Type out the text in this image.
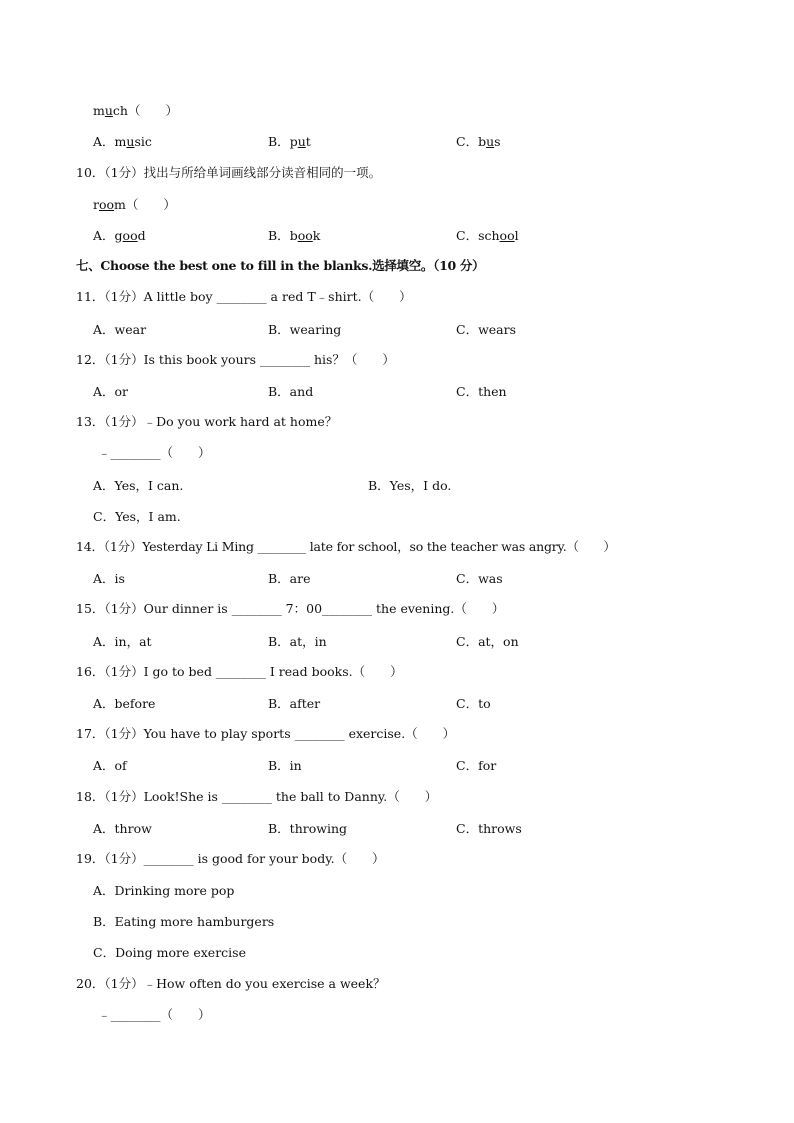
much（　　）
A．music	B．put	C．bus
10．（1分）找出与所给单词画线部分读音相同的一项。
room（　　）
A．good	B．book	C．school
七、Choose the best one to fill in the blanks.选择填空。（10 分）
11．（1分）A little boy ________ a red T﹣shirt.（　　）
A．wear	B．wearing	C．wears
12．（1分）Is this book yours ________ his？（　　）
A．or	B．and	C．then
13．（1分）﹣Do you work hard at home？
﹣________（　　）
A．Yes，I can.	B．Yes，I do.
C．Yes，I am.
14．（1分）Yesterday Li Ming ________ late for school，so the teacher was angry.（　　）
A．is	B．are	C．was
15．（1分）Our dinner is ________ 7：00________ the evening.（　　）
A．in，at	B．at，in	C．at，on
16．（1分）I go to bed ________ I read books.（　　）
A．before	B．after	C．to
17．（1分）You have to play sports ________ exercise.（　　）
A．of	B．in	C．for
18．（1分）Look!She is ________ the ball to Danny.（　　）
A．throw	B．throwing	C．throws
19．（1分）________ is good for your body.（　　）
A．Drinking more pop
B．Eating more hamburgers
C．Doing more exercise
20．（1分）﹣How often do you exercise a week？
﹣________（　　）
